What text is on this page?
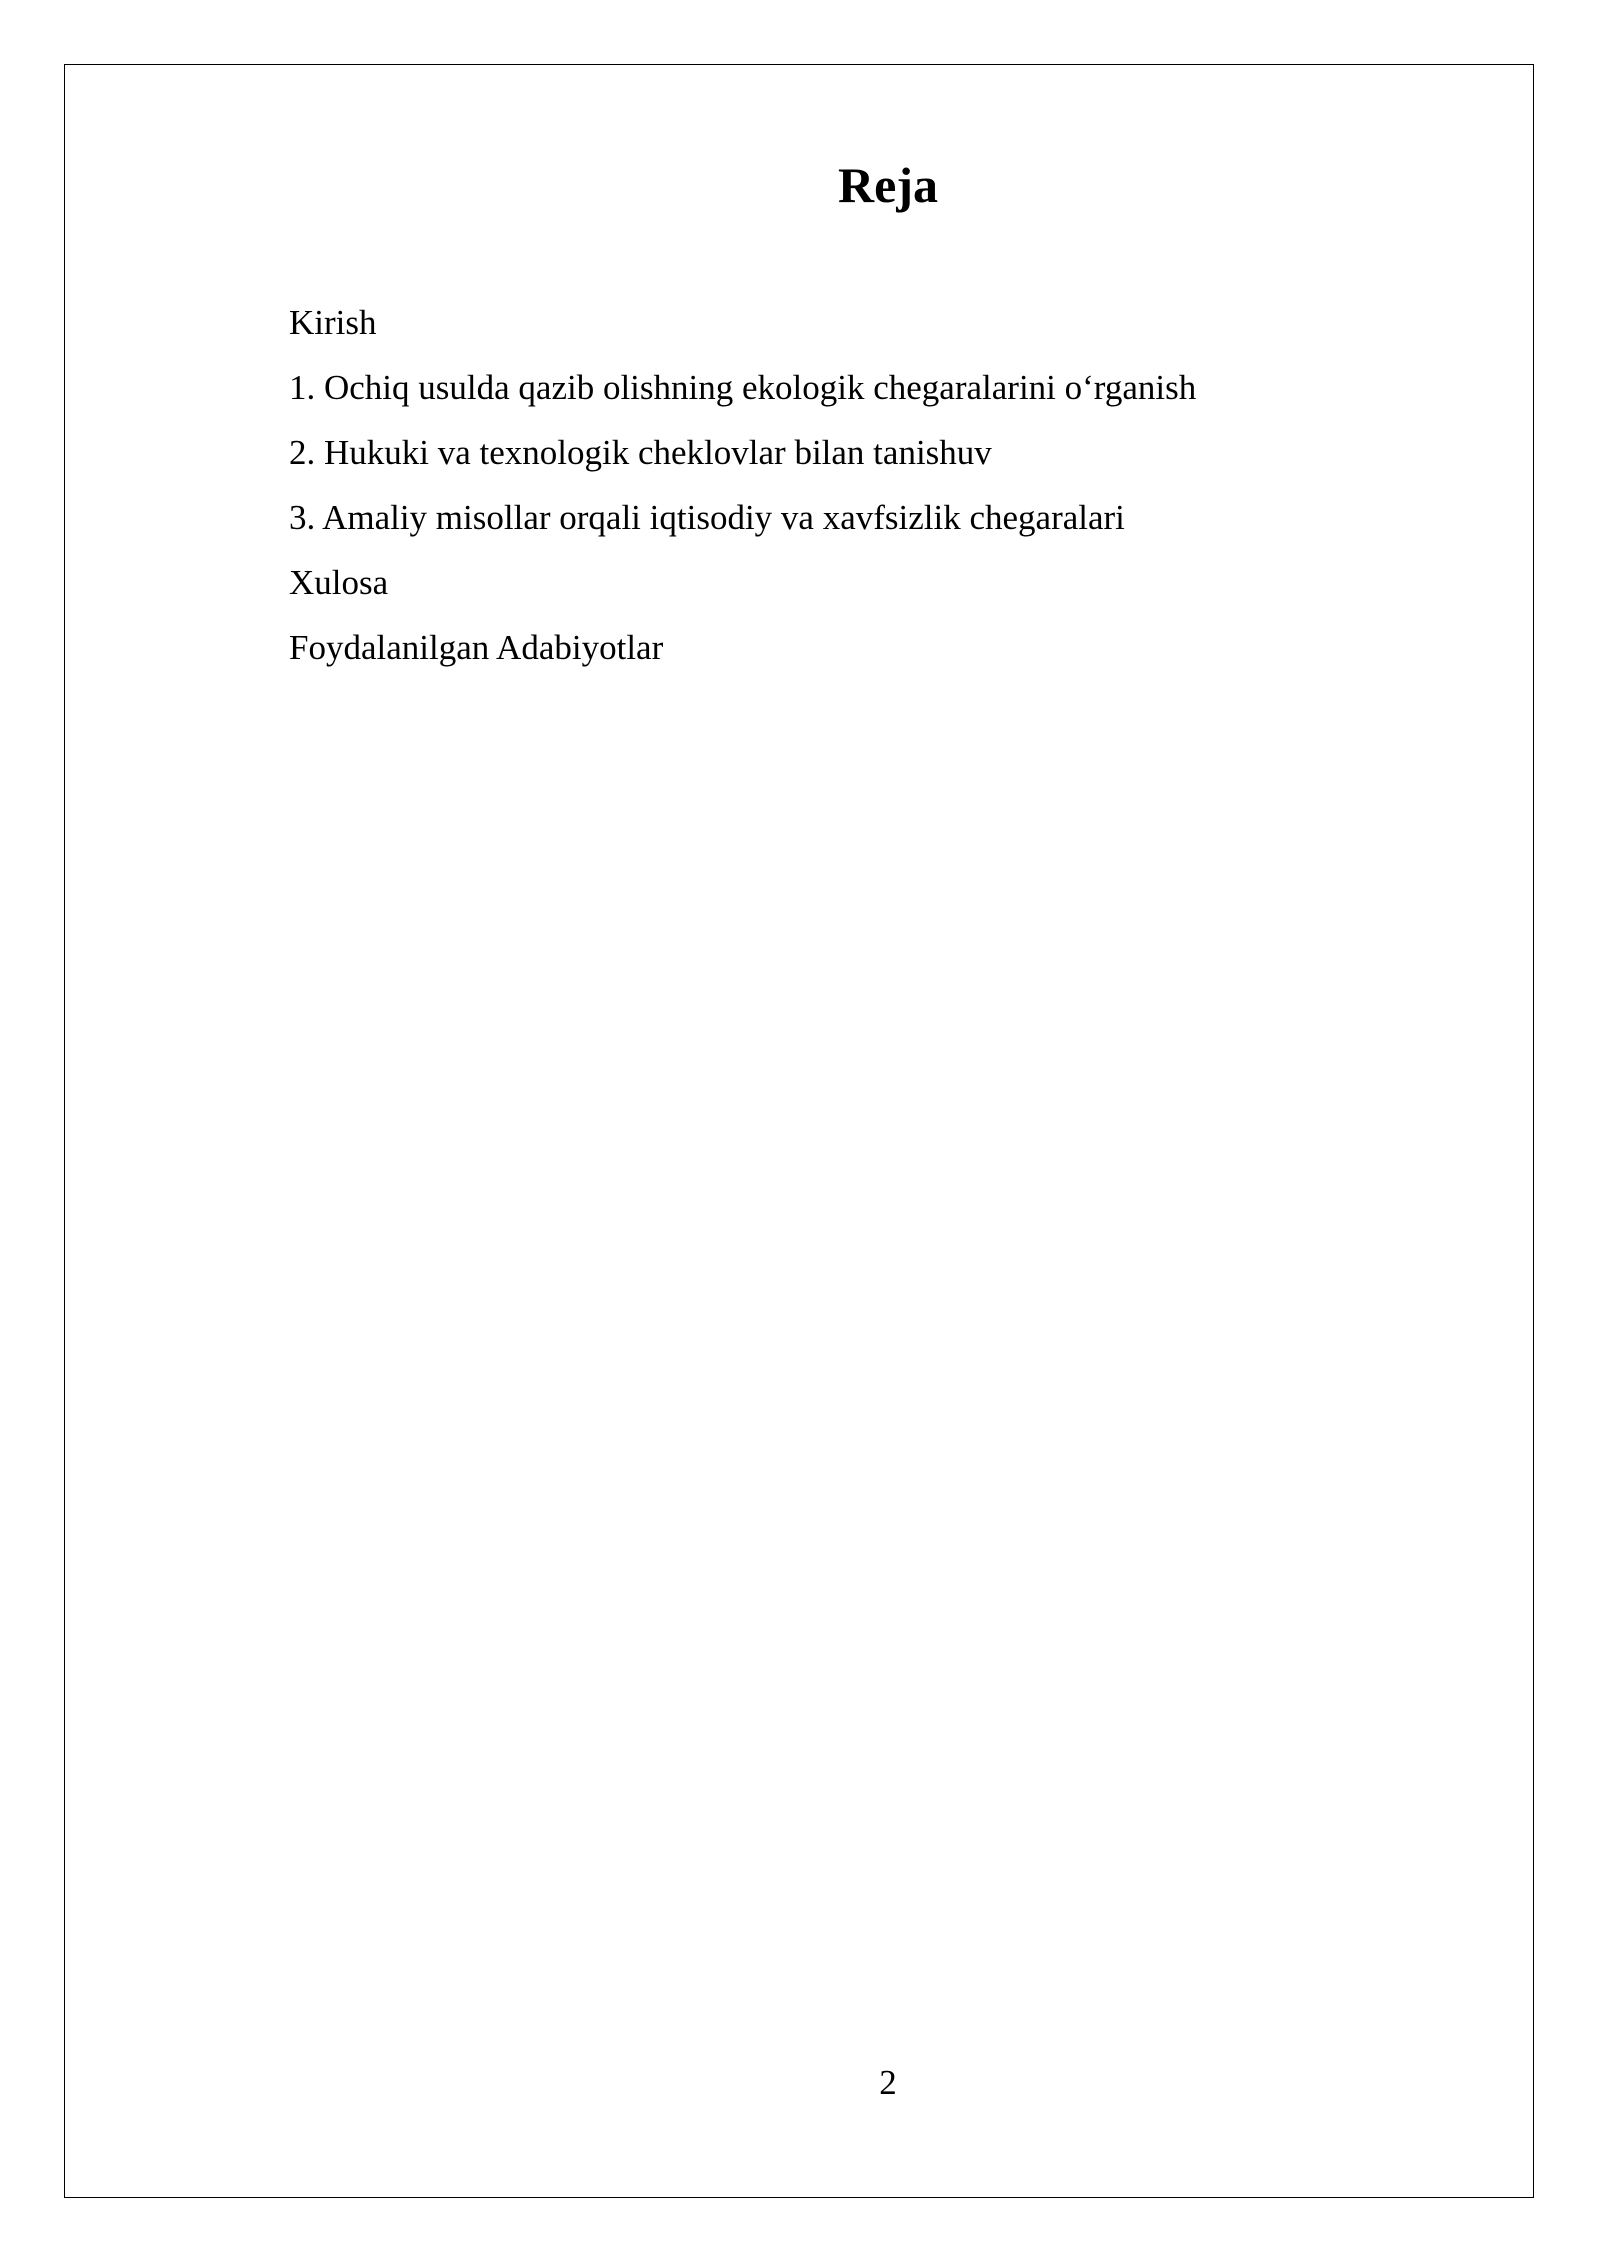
Reja
Kirish
1. Ochiq usulda qazib olishning ekologik chegaralarini o‘rganish
2. Hukuki va texnologik cheklovlar bilan tanishuv
3. Amaliy misollar orqali iqtisodiy va xavfsizlik chegaralari
Xulosa
Foydalanilgan Adabiyotlar
2
